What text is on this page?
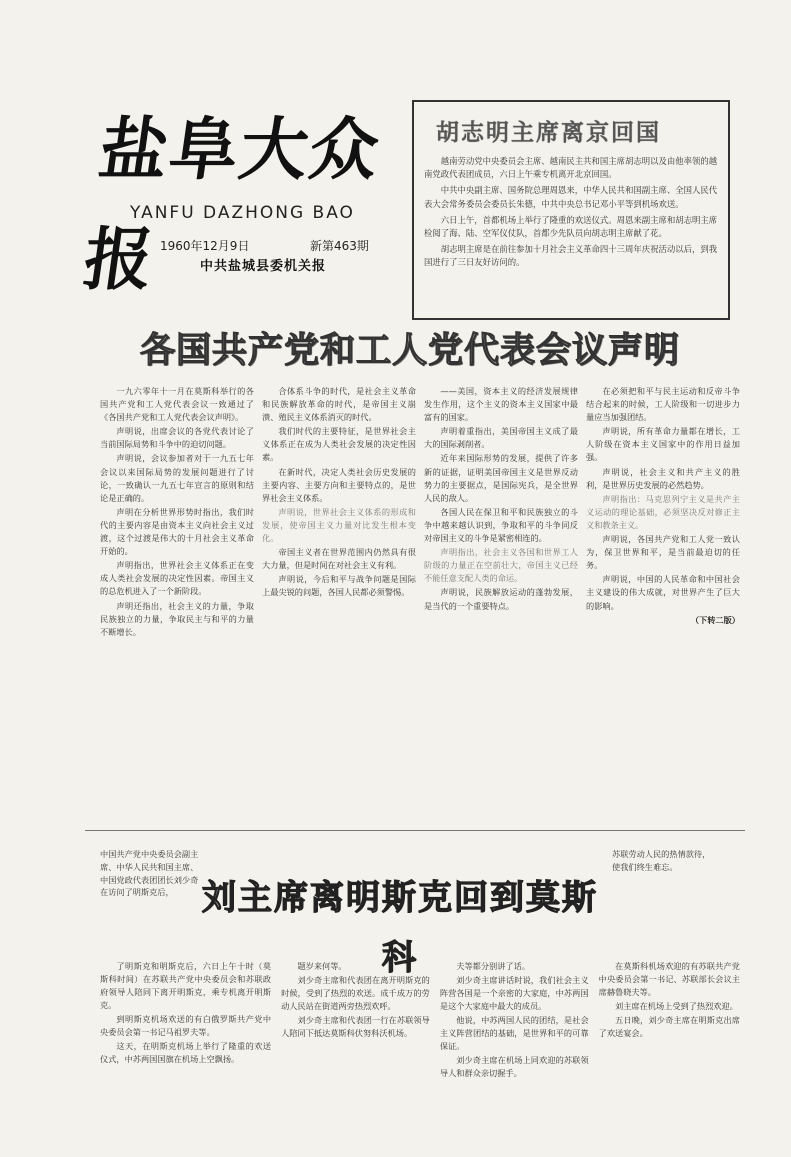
盐阜大众报
YANFU DAZHONG BAO
1960年12月9日	新第463期
中共盐城县委机关报
胡志明主席离京回国

越南劳动党中央委员会主席、越南民主共和国主席胡志明以及由他率领的越南党政代表团成员，六日上午乘专机离开北京回国。

中共中央副主席、国务院总理周恩来，中华人民共和国副主席、全国人民代表大会常务委员会委员长朱德，中共中央总书记邓小平等到机场欢送。

六日上午，首都机场上举行了隆重的欢送仪式。周恩来副主席和胡志明主席检阅了海、陆、空军仪仗队，首都少先队员向胡志明主席献了花。

胡志明主席是在前往参加十月社会主义革命四十三周年庆祝活动以后，到我国进行了三日友好访问的。

各国共产党和工人党代表会议声明

一九六零年十一月在莫斯科举行的各国共产党和工人党代表会议一致通过了《各国共产党和工人党代表会议声明》。

声明说，出席会议的各党代表讨论了当前国际局势和斗争中的迫切问题。

声明说，会议参加者对于一九五七年会议以来国际局势的发展问题进行了讨论，一致确认一九五七年宣言的原则和结论是正确的。

声明在分析世界形势时指出，我们时代的主要内容是由资本主义向社会主义过渡，这个过渡是伟大的十月社会主义革命开始的。

声明指出，世界社会主义体系正在变成人类社会发展的决定性因素。帝国主义的总危机进入了一个新阶段。

声明还指出，社会主义的力量，争取民族独立的力量，争取民主与和平的力量不断增长。

合体系斗争的时代，是社会主义革命和民族解放革命的时代，是帝国主义崩溃、殖民主义体系消灭的时代。

我们时代的主要特征，是世界社会主义体系正在成为人类社会发展的决定性因素。

在新时代，决定人类社会历史发展的主要内容、主要方向和主要特点的，是世界社会主义体系。

声明说，世界社会主义体系的形成和发展，使帝国主义力量对比发生根本变化。

帝国主义者在世界范围内仍然具有很大力量，但是时间在对社会主义有利。

声明说，今后和平与战争问题是国际上最尖锐的问题，各国人民都必须警惕。

——美国，资本主义的经济发展规律发生作用，这个主义的资本主义国家中最富有的国家。

声明着重指出，美国帝国主义成了最大的国际剥削者。

近年来国际形势的发展，提供了许多新的证据，证明美国帝国主义是世界反动势力的主要据点，是国际宪兵，是全世界人民的敌人。

各国人民在保卫和平和民族独立的斗争中越来越认识到，争取和平的斗争同反对帝国主义的斗争是紧密相连的。

声明指出，社会主义各国和世界工人阶级的力量正在空前壮大，帝国主义已经不能任意支配人类的命运。

声明说，民族解放运动的蓬勃发展，是当代的一个重要特点。

在必须把和平与民主运动和反帝斗争结合起来的时候，工人阶级和一切进步力量应当加强团结。

声明说，所有革命力量都在增长，工人阶级在资本主义国家中的作用日益加强。

声明说，社会主义和共产主义的胜利，是世界历史发展的必然趋势。

声明指出：马克思列宁主义是共产主义运动的理论基础，必须坚决反对修正主义和教条主义。

声明说，各国共产党和工人党一致认为，保卫世界和平，是当前最迫切的任务。

声明说，中国的人民革命和中国社会主义建设的伟大成就，对世界产生了巨大的影响。

（下转二版）

中国共产党中央委员会副主席、中华人民共和国主席、中国党政代表团团长刘少奇在访问了明斯克后， 刘主席离明斯克回到莫斯科

苏联劳动人民的热情款待，使我们终生难忘。

了明斯克和明斯克后，六日上午十时（莫斯科时间）在苏联共产党中央委员会和苏联政府领导人陪同下离开明斯克，乘专机离开明斯克。

到明斯克机场欢送的有白俄罗斯共产党中央委员会第一书记马祖罗夫等。

这天，在明斯克机场上举行了隆重的欢送仪式，中苏两国国旗在机场上空飘扬。

题岁来何等。

刘少奇主席和代表团在离开明斯克的时候，受到了热烈的欢送。成千成万的劳动人民站在街道两旁热烈欢呼。

刘少奇主席和代表团一行在苏联领导人陪同下抵达莫斯科伏努科沃机场。

夫等都分别讲了话。

刘少奇主席讲话时说，我们社会主义阵营各国是一个亲密的大家庭，中苏两国是这个大家庭中最大的成员。

他说，中苏两国人民的团结，是社会主义阵营团结的基础，是世界和平的可靠保证。

刘少奇主席在机场上同欢迎的苏联领导人和群众亲切握手。

在莫斯科机场欢迎的有苏联共产党中央委员会第一书记、苏联部长会议主席赫鲁晓夫等。

刘主席在机场上受到了热烈欢迎。

五日晚，刘少奇主席在明斯克出席了欢送宴会。
